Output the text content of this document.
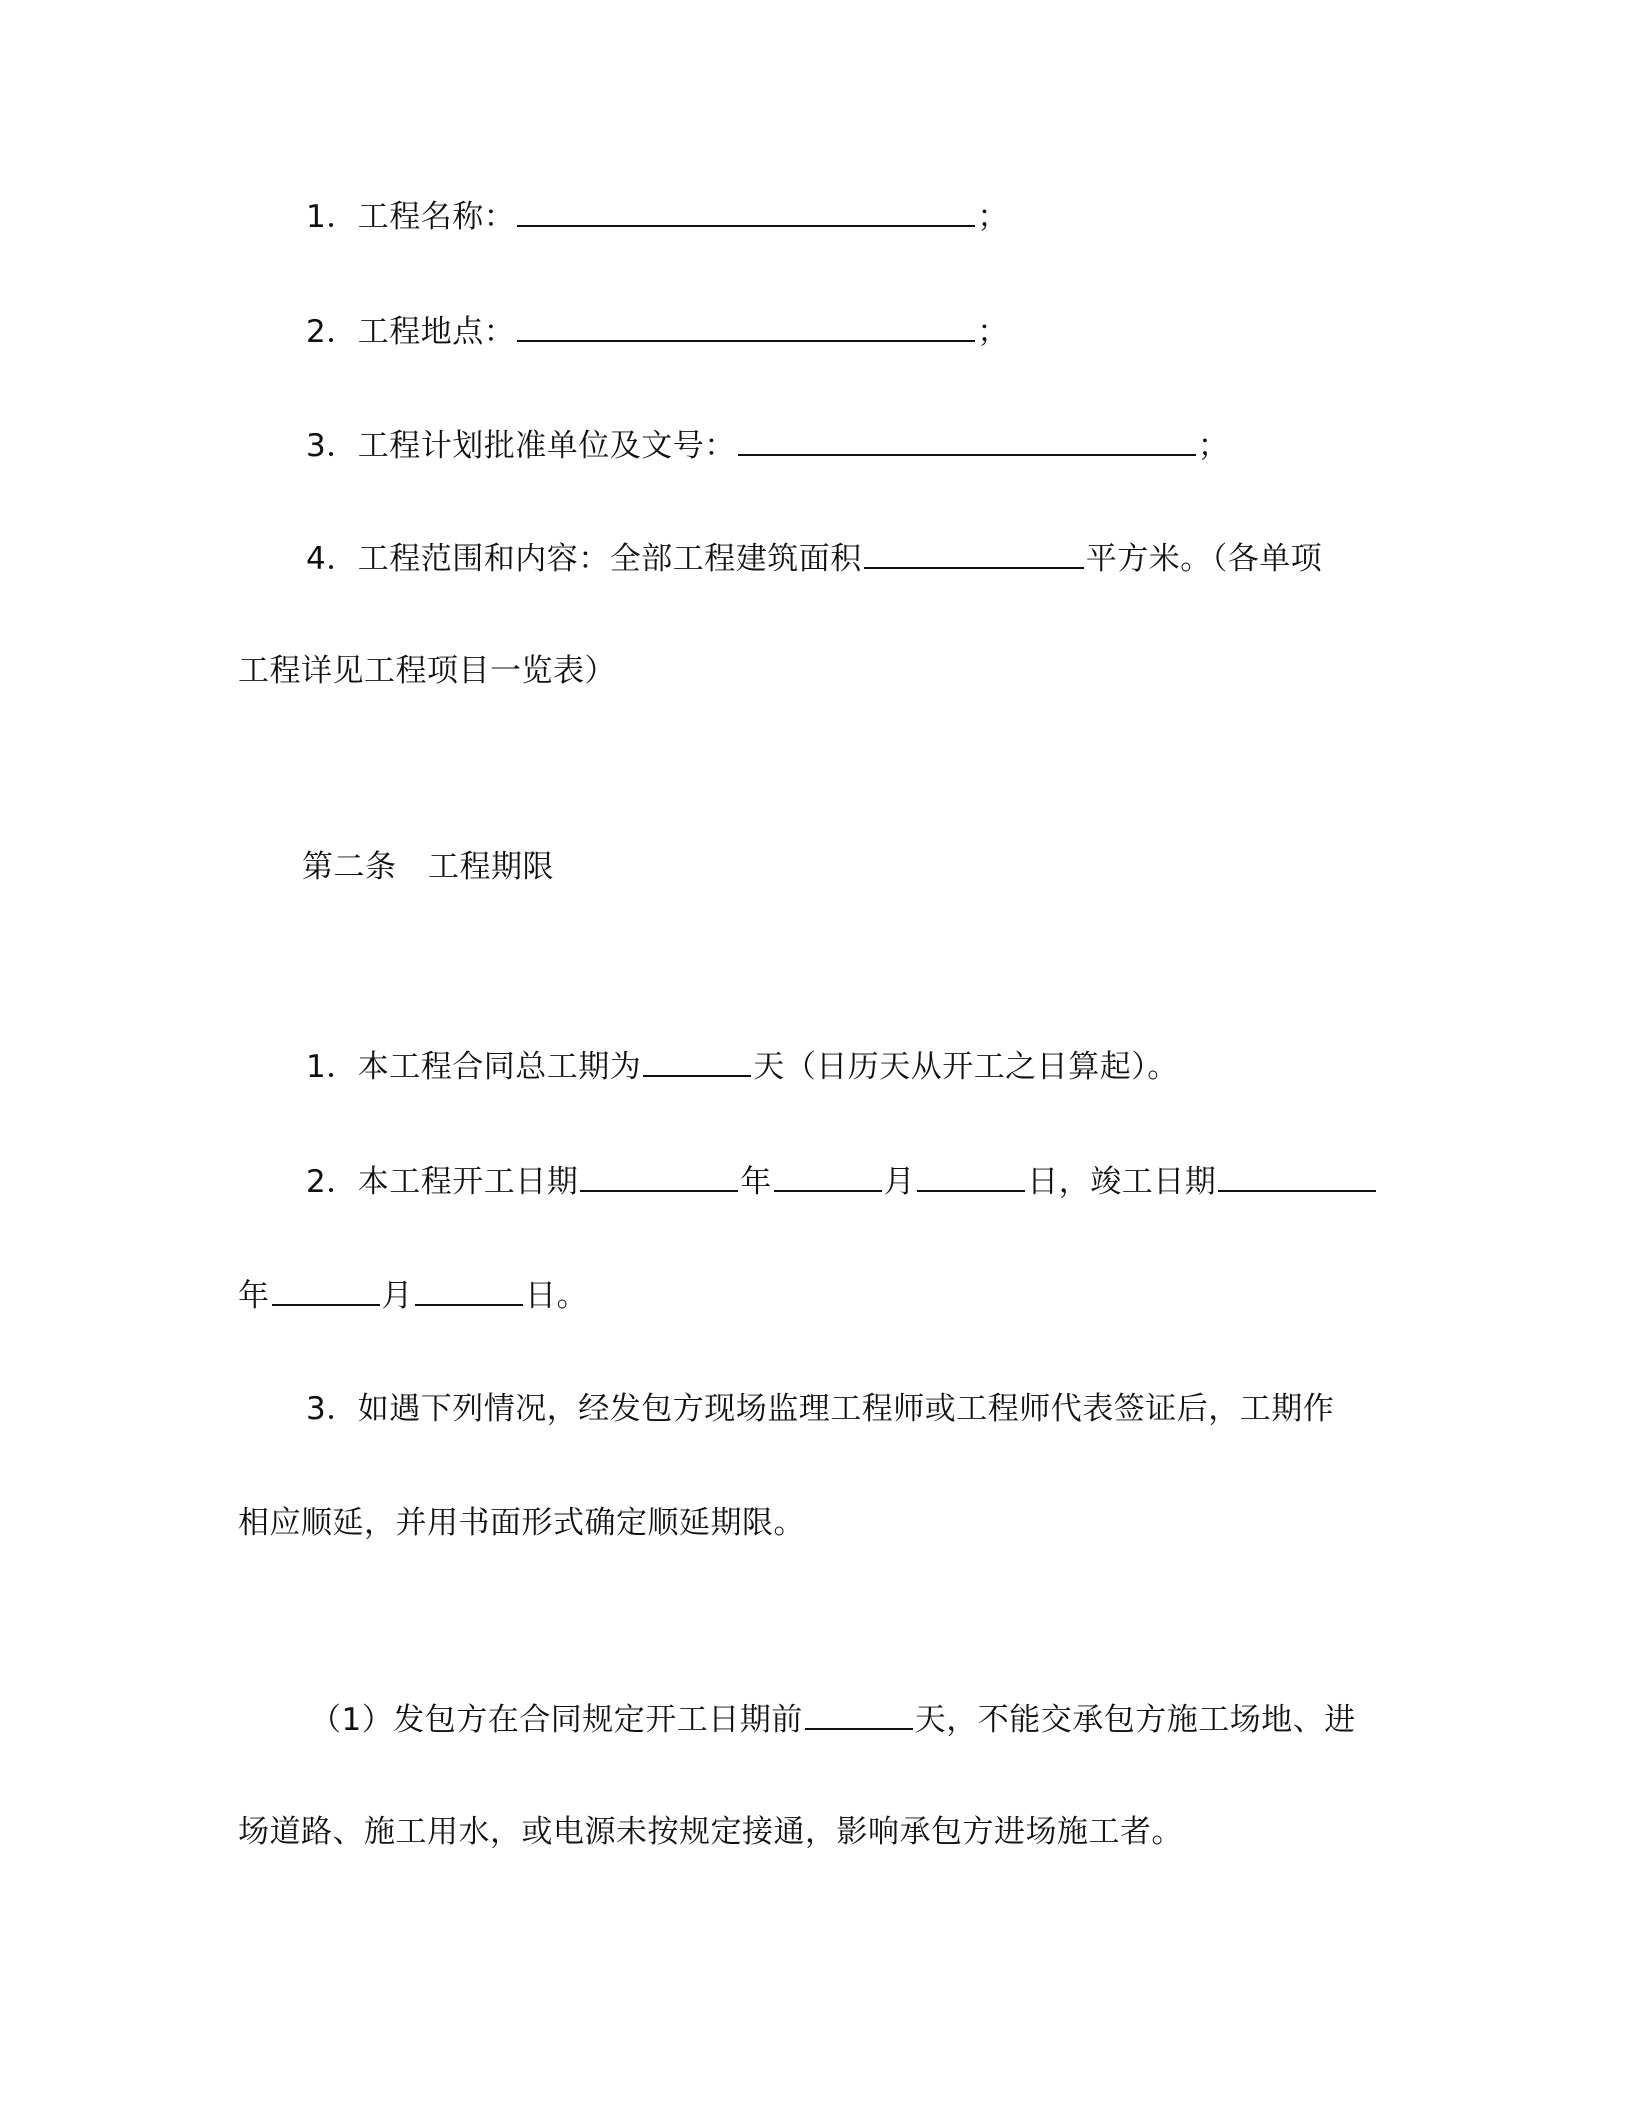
1．工程名称：	；
2．工程地点：	；
3．工程计划批准单位及文号：	；
4．工程范围和内容：全部工程建筑面积	平方米。（各单项
工程详见工程项目一览表）
第二条　工程期限
1．本工程合同总工期为	天（日历天从开工之日算起）。
2．本工程开工日期	年	月	日，竣工日期
年	月	日。
3．如遇下列情况，经发包方现场监理工程师或工程师代表签证后，工期作
相应顺延，并用书面形式确定顺延期限。
（1）发包方在合同规定开工日期前	天，不能交承包方施工场地、进
场道路、施工用水，或电源未按规定接通，影响承包方进场施工者。
